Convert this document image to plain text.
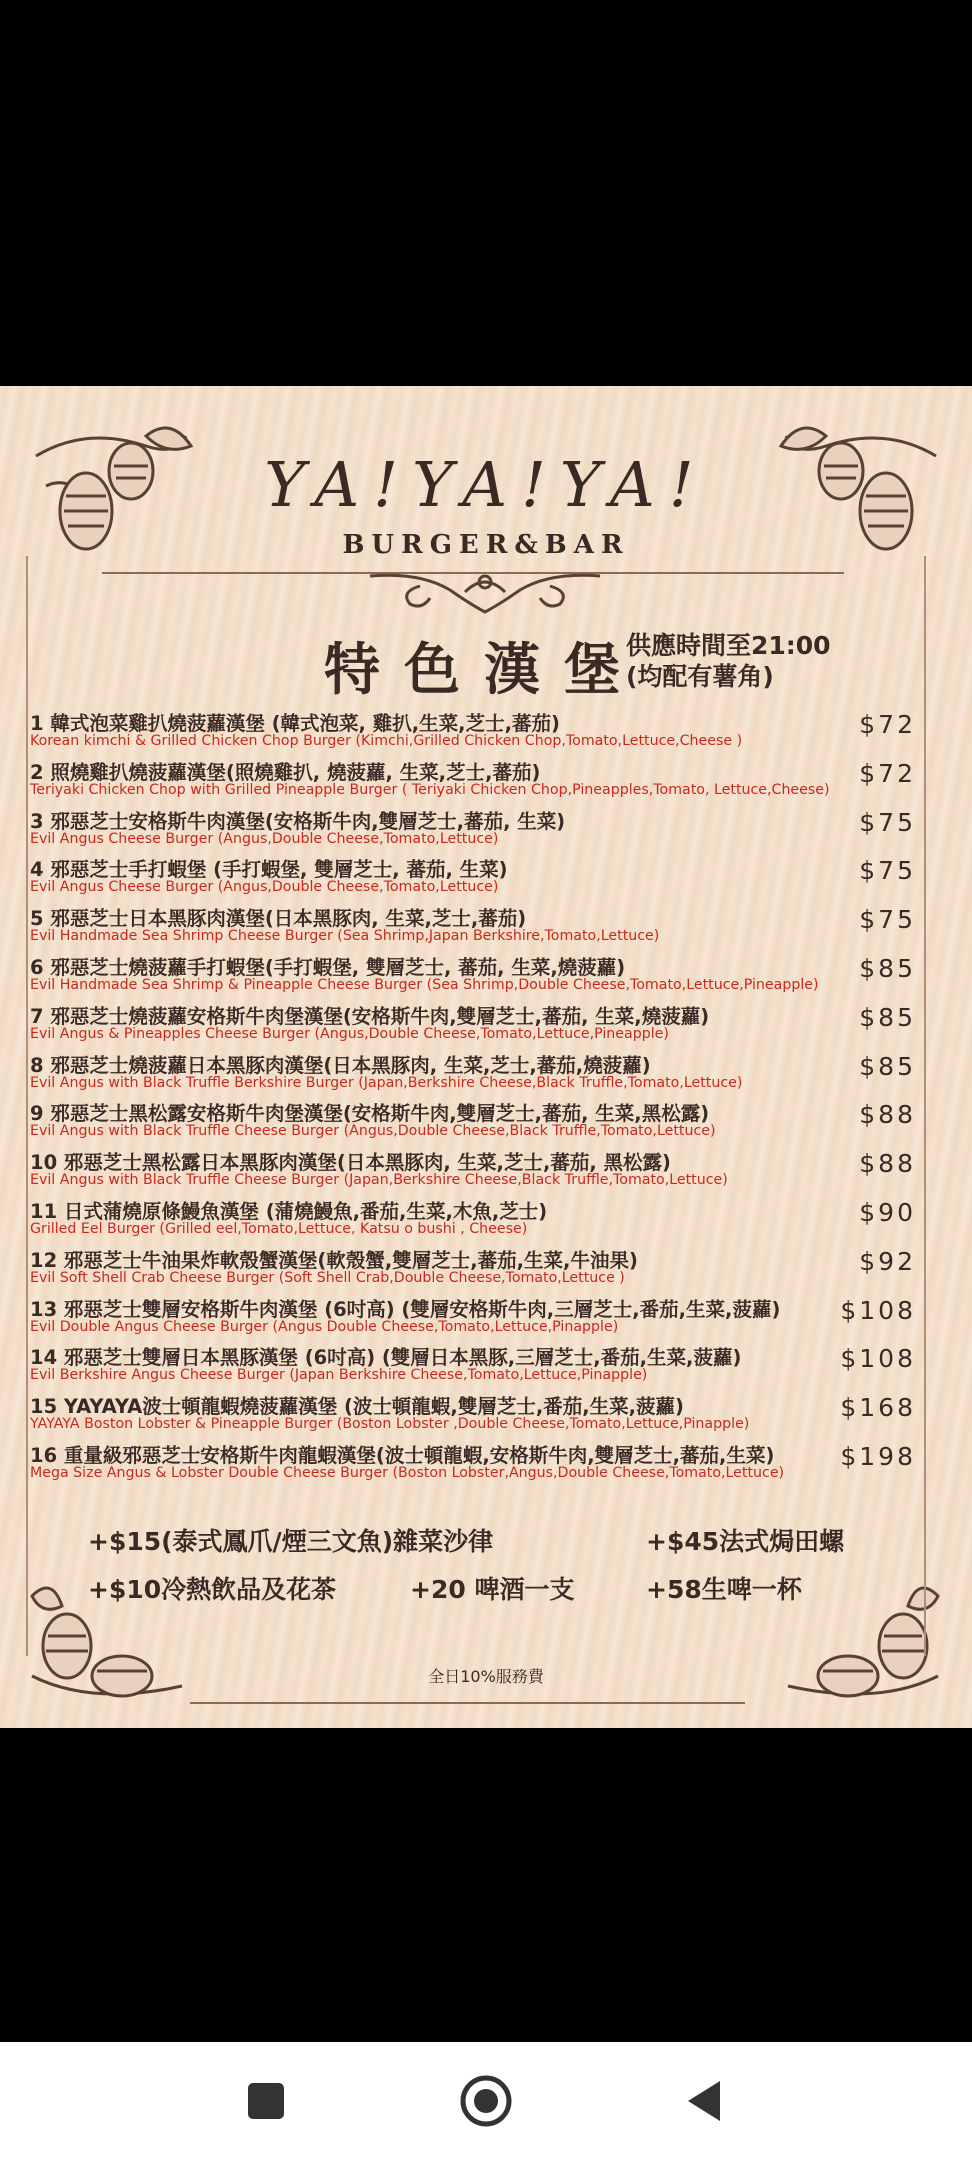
YA!YA!YA!
BURGER&BAR
特色漢堡
供應時間至21:00
(均配有薯角)
1 韓式泡菜雞扒燒菠蘿漢堡 (韓式泡菜, 雞扒,生菜,芝士,蕃茄)
Korean kimchi & Grilled Chicken Chop Burger (Kimchi,Grilled Chicken Chop,Tomato,Lettuce,Cheese )
$72
2 照燒雞扒燒菠蘿漢堡(照燒雞扒, 燒菠蘿, 生菜,芝士,蕃茄)
Teriyaki Chicken Chop with Grilled Pineapple Burger ( Teriyaki Chicken Chop,Pineapples,Tomato, Lettuce,Cheese)
$72
3 邪惡芝士安格斯牛肉漢堡(安格斯牛肉,雙層芝士,蕃茄, 生菜)
Evil Angus Cheese Burger (Angus,Double Cheese,Tomato,Lettuce)
$75
4 邪惡芝士手打蝦堡 (手打蝦堡, 雙層芝士, 蕃茄, 生菜)
Evil Angus Cheese Burger (Angus,Double Cheese,Tomato,Lettuce)
$75
5 邪惡芝士日本黑豚肉漢堡(日本黑豚肉, 生菜,芝士,蕃茄)
Evil Handmade Sea Shrimp Cheese Burger (Sea Shrimp,Japan Berkshire,Tomato,Lettuce)
$75
6 邪惡芝士燒菠蘿手打蝦堡(手打蝦堡, 雙層芝士, 蕃茄, 生菜,燒菠蘿)
Evil Handmade Sea Shrimp & Pineapple Cheese Burger (Sea Shrimp,Double Cheese,Tomato,Lettuce,Pineapple)
$85
7 邪惡芝士燒菠蘿安格斯牛肉堡漢堡(安格斯牛肉,雙層芝士,蕃茄, 生菜,燒菠蘿)
Evil Angus & Pineapples Cheese Burger (Angus,Double Cheese,Tomato,Lettuce,Pineapple)
$85
8 邪惡芝士燒菠蘿日本黑豚肉漢堡(日本黑豚肉, 生菜,芝士,蕃茄,燒菠蘿)
Evil Angus with Black Truffle Berkshire Burger (Japan,Berkshire Cheese,Black Truffle,Tomato,Lettuce)
$85
9 邪惡芝士黑松露安格斯牛肉堡漢堡(安格斯牛肉,雙層芝士,蕃茄, 生菜,黑松露)
Evil Angus with Black Truffle Cheese Burger (Angus,Double Cheese,Black Truffle,Tomato,Lettuce)
$88
10 邪惡芝士黑松露日本黑豚肉漢堡(日本黑豚肉, 生菜,芝士,蕃茄, 黑松露)
Evil Angus with Black Truffle Cheese Burger (Japan,Berkshire Cheese,Black Truffle,Tomato,Lettuce)
$88
11 日式蒲燒原條鰻魚漢堡 (蒲燒鰻魚,番茄,生菜,木魚,芝士)
Grilled Eel Burger (Grilled eel,Tomato,Lettuce, Katsu o bushi , Cheese)
$90
12 邪惡芝士牛油果炸軟殼蟹漢堡(軟殼蟹,雙層芝士,蕃茄,生菜,牛油果)
Evil Soft Shell Crab Cheese Burger (Soft Shell Crab,Double Cheese,Tomato,Lettuce )
$92
13 邪惡芝士雙層安格斯牛肉漢堡 (6吋高) (雙層安格斯牛肉,三層芝士,番茄,生菜,菠蘿)
Evil Double Angus Cheese Burger (Angus Double Cheese,Tomato,Lettuce,Pinapple)
$108
14 邪惡芝士雙層日本黑豚漢堡 (6吋高) (雙層日本黑豚,三層芝士,番茄,生菜,菠蘿)
Evil Berkshire Angus Cheese Burger (Japan Berkshire Cheese,Tomato,Lettuce,Pinapple)
$108
15 YAYAYA波士頓龍蝦燒菠蘿漢堡 (波士頓龍蝦,雙層芝士,番茄,生菜,菠蘿)
YAYAYA Boston Lobster & Pineapple Burger (Boston Lobster ,Double Cheese,Tomato,Lettuce,Pinapple)
$168
16 重量級邪惡芝士安格斯牛肉龍蝦漢堡(波士頓龍蝦,安格斯牛肉,雙層芝士,蕃茄,生菜)
Mega Size Angus & Lobster Double Cheese Burger (Boston Lobster,Angus,Double Cheese,Tomato,Lettuce)
$198
+$15(泰式鳳爪/煙三文魚)雜菜沙律	+$45法式焗田螺
+$10冷熱飲品及花茶	+20 啤酒一支	+58生啤一杯
全日10%服務費
